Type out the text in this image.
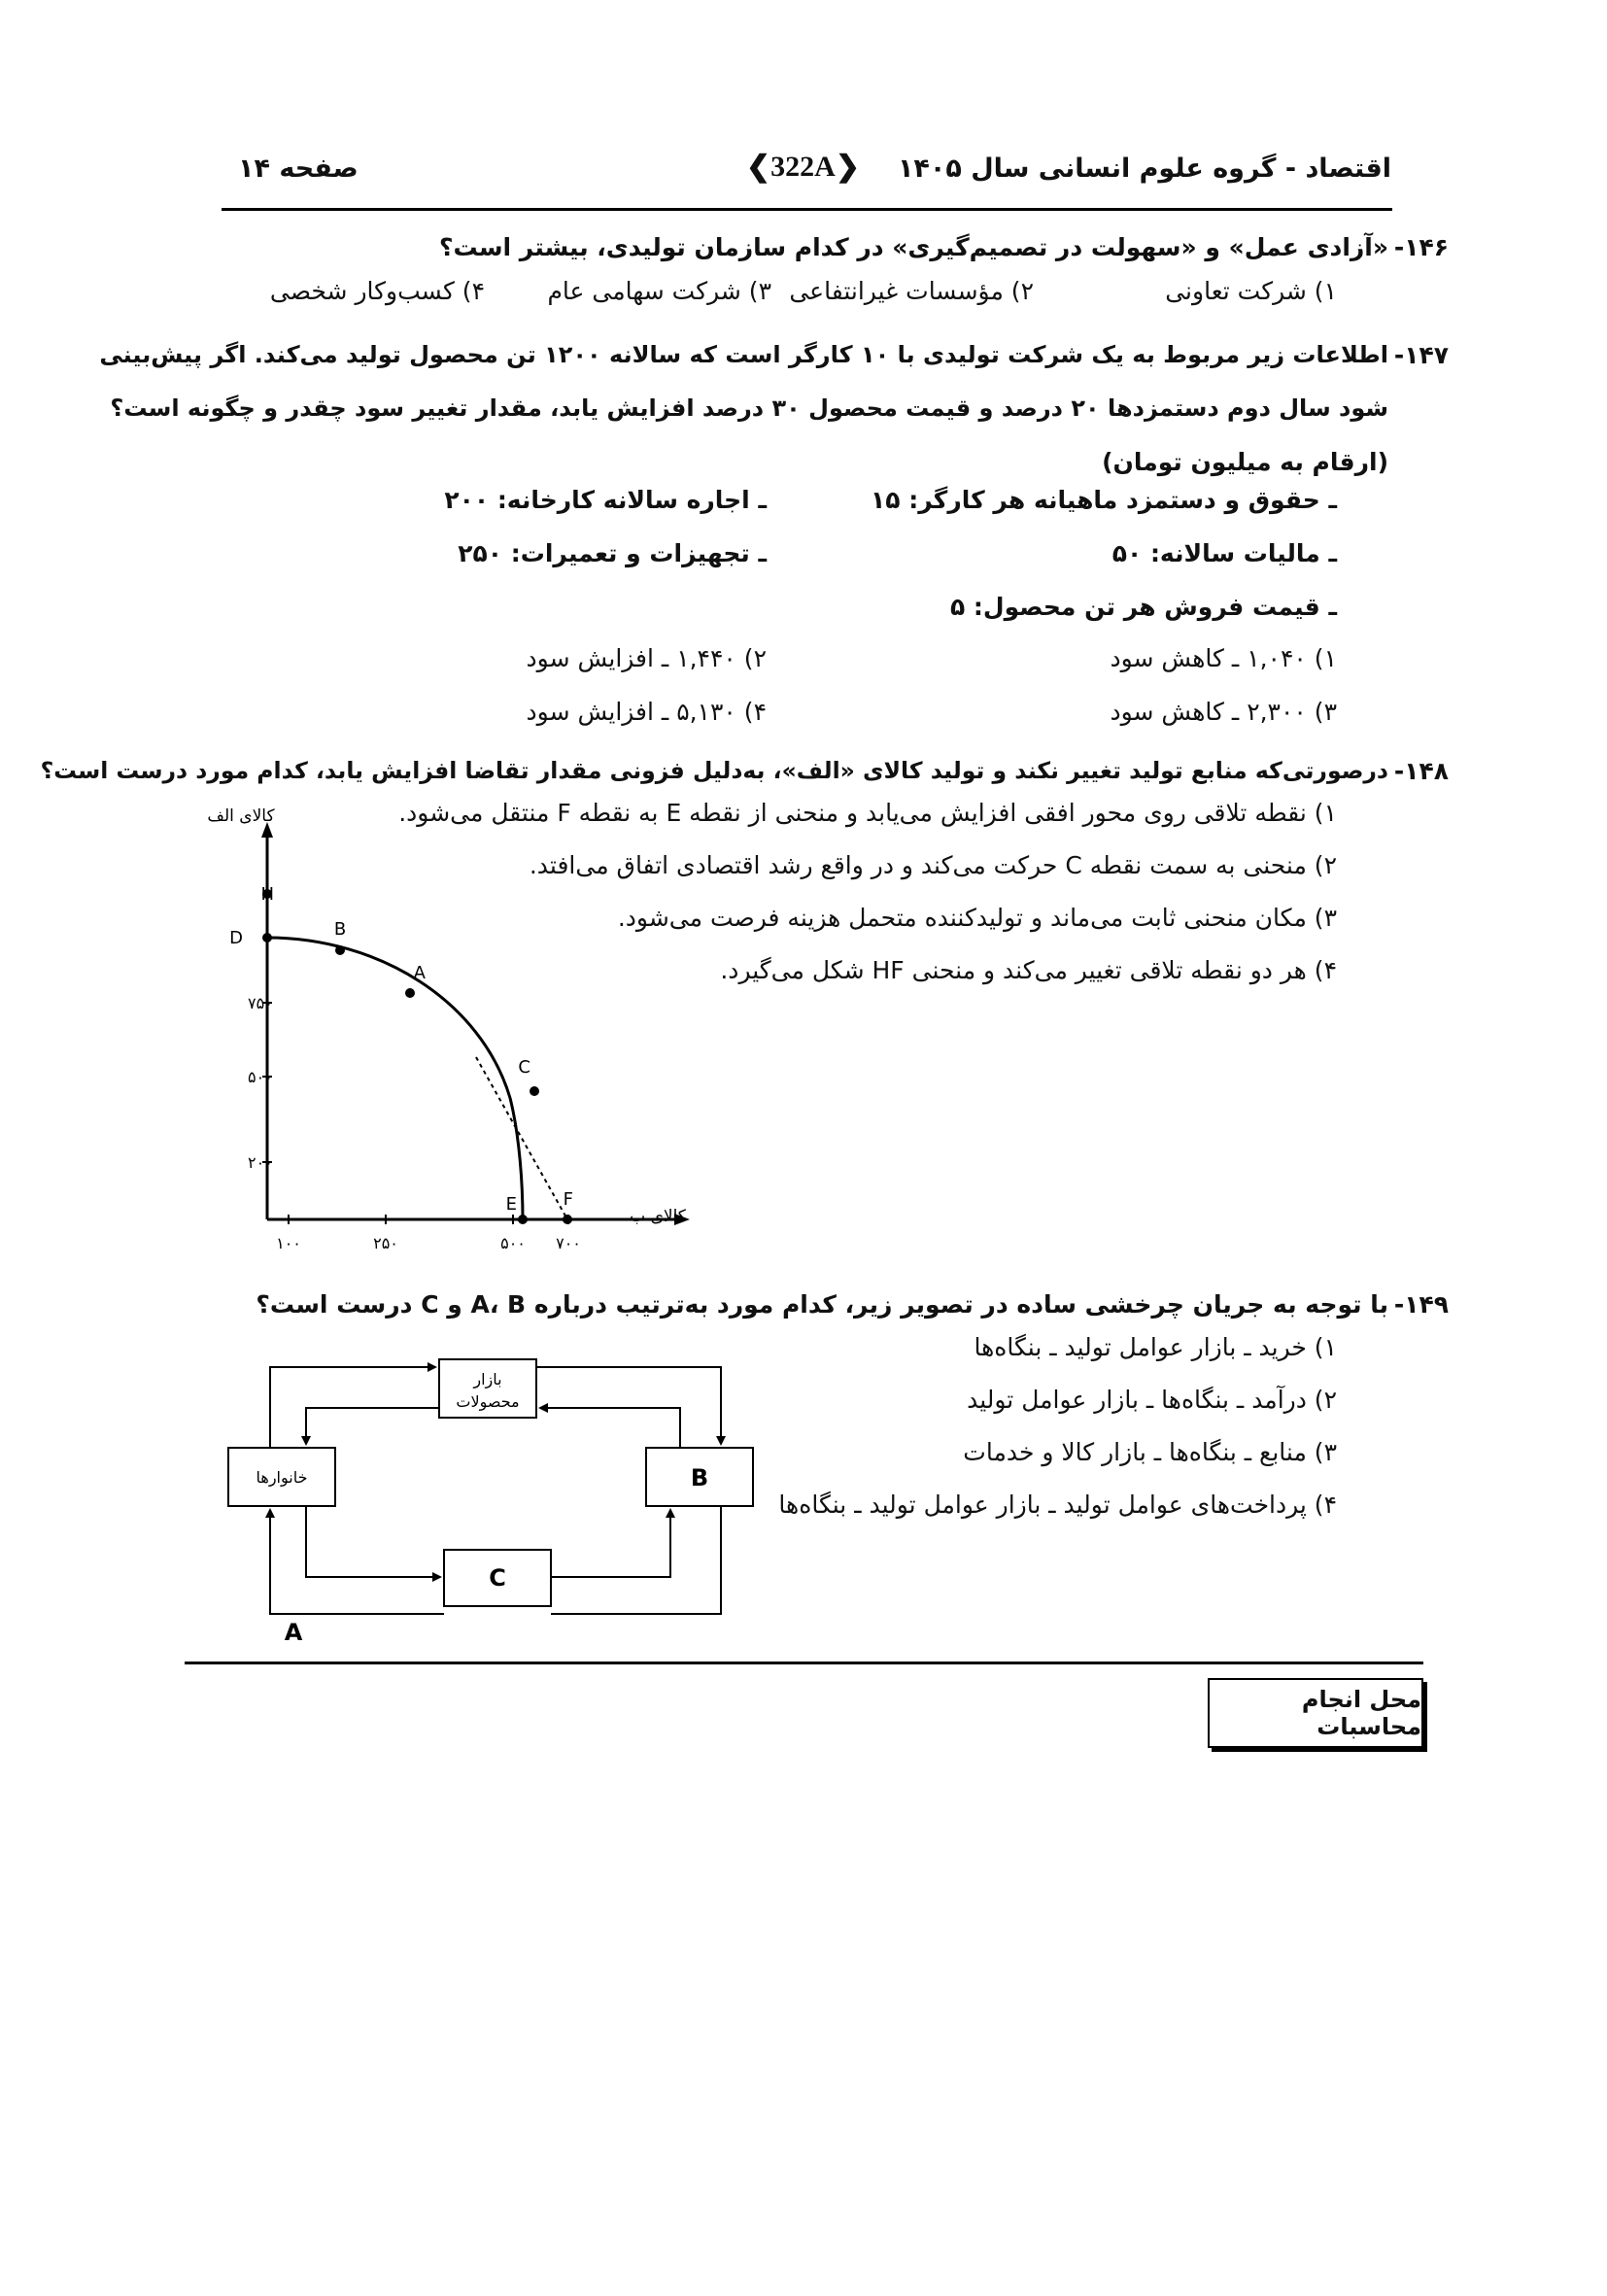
اقتصاد - گروه علوم انسانی سال ۱۴۰۵
❮322A❯
صفحه ۱۴
۱۴۶-
«آزادی عمل» و «سهولت در تصمیم‌گیری» در کدام سازمان تولیدی، بیشتر است؟
۱) شرکت تعاونی
۲) مؤسسات غیرانتفاعی
۳) شرکت سهامی عام
۴) کسب‌وکار شخصی
۱۴۷-
اطلاعات زیر مربوط به یک شرکت تولیدی با ۱۰ کارگر است که سالانه ۱۲۰۰ تن محصول تولید می‌کند. اگر پیش‌بینی
شود سال دوم دستمزدها ۲۰ درصد و قیمت محصول ۳۰ درصد افزایش یابد، مقدار تغییر سود چقدر و چگونه است؟
(ارقام به میلیون تومان)
ـ حقوق و دستمزد ماهیانه هر کارگر: ۱۵
ـ اجاره سالانه کارخانه: ۲۰۰
ـ مالیات سالانه: ۵۰
ـ تجهیزات و تعمیرات: ۲۵۰
ـ قیمت فروش هر تن محصول: ۵
۱) ۱,۰۴۰ ـ کاهش سود
۲) ۱,۴۴۰ ـ افزایش سود
۳) ۲,۳۰۰ ـ کاهش سود
۴) ۵,۱۳۰ ـ افزایش سود
۱۴۸-
درصورتی‌که منابع تولید تغییر نکند و تولید کالای «الف»، به‌دلیل فزونی مقدار تقاضا افزایش یابد، کدام مورد درست است؟
۱) نقطه تلاقی روی محور افقی افزایش می‌یابد و منحنی از نقطه E به نقطه F منتقل می‌شود.
۲) منحنی به سمت نقطه C حرکت می‌کند و در واقع رشد اقتصادی اتفاق می‌افتد.
۳) مکان منحنی ثابت می‌ماند و تولیدکننده متحمل هزینه فرصت می‌شود.
۴) هر دو نقطه تلاقی تغییر می‌کند و منحنی HF شکل می‌گیرد.
کالای الف
کالای ب
۷۵۰
۵۰۰
۲۰۰
۱۰۰	۲۵۰	۵۰۰ ۷۰۰
H
D	B
A
C
E	F
۱۴۹-
با توجه به جریان چرخشی ساده در تصویر زیر، کدام مورد به‌ترتیب درباره A، B و C درست است؟
۱) خرید ـ بازار عوامل تولید ـ بنگاه‌ها
۲) درآمد ـ بنگاه‌ها ـ بازار عوامل تولید
۳) منابع ـ بنگاه‌ها ـ بازار کالا و خدمات
۴) پرداخت‌های عوامل تولید ـ بازار عوامل تولید ـ بنگاه‌ها
بازار
محصولات
خانوارها	B
C
A
محل انجام محاسبات
